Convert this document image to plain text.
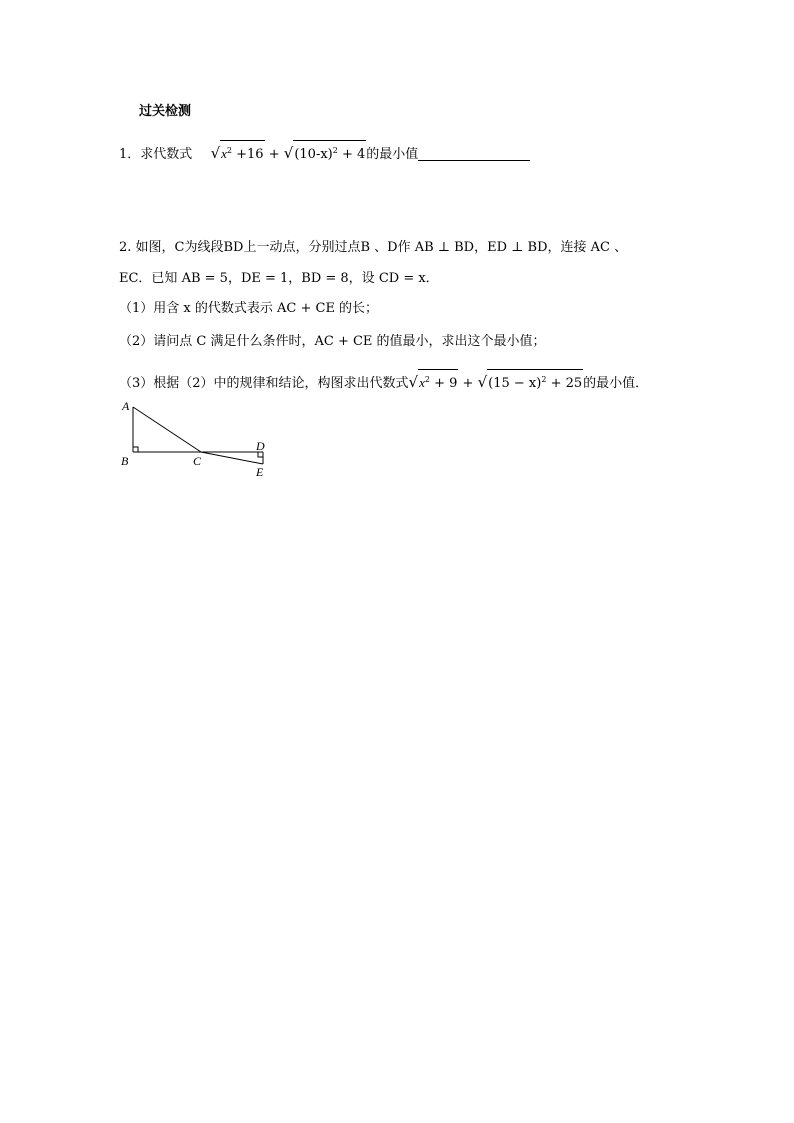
过关检测
1．求代数式 $√x^2 +16 + √(10-x)^2 + 4$的最小值
2. 如图，C为线段BD上一动点，分别过点B 、D作 AB ⊥ BD，ED ⊥ BD，连接 AC 、
EC．已知 AB = 5，DE = 1，BD = 8，设 CD = x．
（1）用含 x 的代数式表示 AC + CE 的长；
（2）请问点 C 满足什么条件时，AC + CE 的值最小，求出这个最小值；
（3）根据（2）中的规律和结论，构图求出代数式$√x^2 + 9 + √(15 - x)^2 + 25$的最小值．
A
B	C
D
E
